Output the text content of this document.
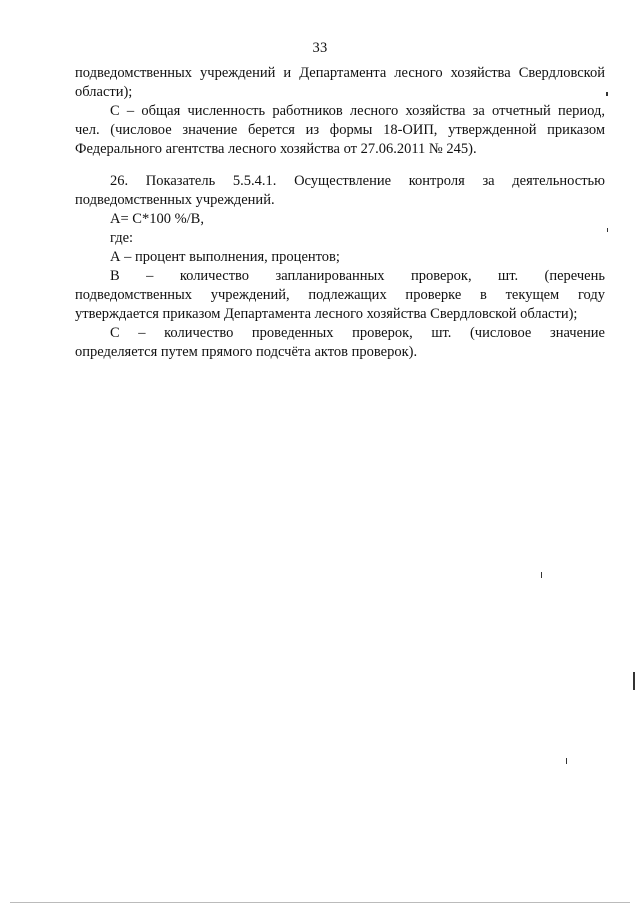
33
подведомственных учреждений и Департамента лесного хозяйства Свердловской
области);
С – общая численность работников лесного хозяйства за отчетный период,
чел. (числовое значение берется из формы 18-ОИП, утвержденной приказом
Федерального агентства лесного хозяйства от 27.06.2011 № 245).
26. Показатель 5.5.4.1. Осуществление контроля за деятельностью
подведомственных учреждений.
А= С*100 %/В,
где:
А – процент выполнения, процентов;
В – количество запланированных проверок, шт. (перечень
подведомственных учреждений, подлежащих проверке в текущем году
утверждается приказом Департамента лесного хозяйства Свердловской области);
С – количество проведенных проверок, шт. (числовое значение
определяется путем прямого подсчёта актов проверок).
